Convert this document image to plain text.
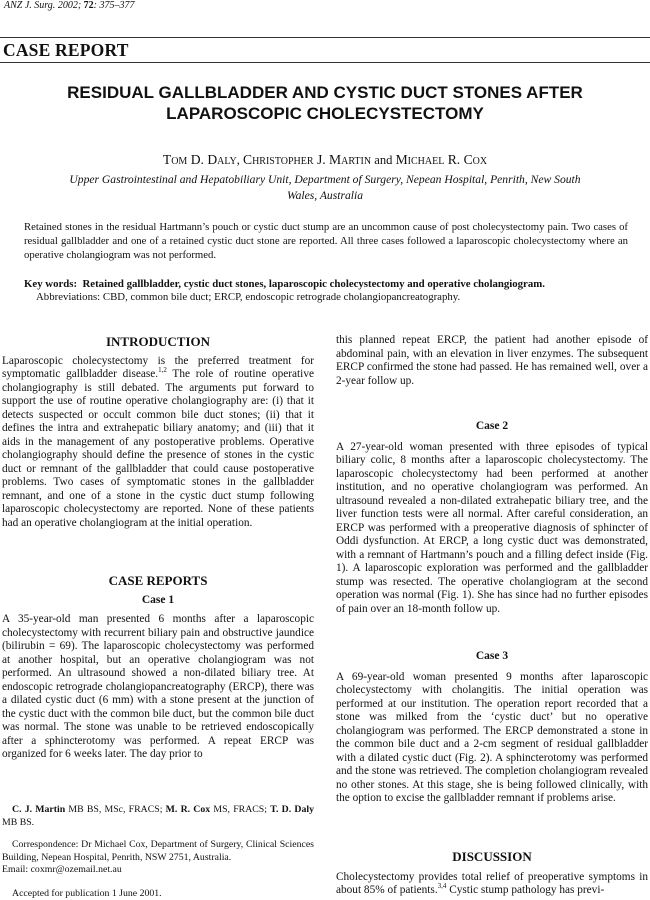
ANZ J. Surg. 2002; 72: 375–377
CASE REPORT
RESIDUAL GALLBLADDER AND CYSTIC DUCT STONES AFTER LAPAROSCOPIC CHOLECYSTECTOMY
Tom D. Daly, Christopher J. Martin and Michael R. Cox
Upper Gastrointestinal and Hepatobiliary Unit, Department of Surgery, Nepean Hospital, Penrith, New South Wales, Australia
Retained stones in the residual Hartmann’s pouch or cystic duct stump are an uncommon cause of post cholecystectomy pain. Two cases of residual gallbladder and one of a retained cystic duct stone are reported. All three cases followed a laparoscopic cholecystectomy where an operative cholangiogram was not performed.
Key words: Retained gallbladder, cystic duct stones, laparoscopic cholecystectomy and operative cholangiogram.
Abbreviations: CBD, common bile duct; ERCP, endoscopic retrograde cholangiopancreatography.
INTRODUCTION

Laparoscopic cholecystectomy is the preferred treatment for symptomatic gallbladder disease.$^{1,2}$ The role of routine operative cholangiography is still debated. The arguments put forward to support the use of routine operative cholangiography are: (i) that it detects suspected or occult common bile duct stones; (ii) that it defines the intra and extrahepatic biliary anatomy; and (iii) that it aids in the management of any postoperative problems. Operative cholangiography should define the presence of stones in the cystic duct or remnant of the gallbladder that could cause postoperative problems. Two cases of symptomatic stones in the gallbladder remnant, and one of a stone in the cystic duct stump following laparoscopic cholecystectomy are reported. None of these patients had an operative cholangiogram at the initial operation.

CASE REPORTS
Case 1

A 35-year-old man presented 6 months after a laparoscopic cholecystectomy with recurrent biliary pain and obstructive jaundice (bilirubin = 69). The laparoscopic cholecystectomy was performed at another hospital, but an operative cholangiogram was not performed. An ultrasound showed a non-dilated biliary tree. At endoscopic retrograde cholangiopancreatography (ERCP), there was a dilated cystic duct (6 mm) with a stone present at the junction of the cystic duct with the common bile duct, but the common bile duct was normal. The stone was unable to be retrieved endoscopically after a sphincterotomy was performed. A repeat ERCP was organized for 6 weeks later. The day prior to

C. J. Martin MB BS, MSc, FRACS; M. R. Cox MS, FRACS; T. D. Daly MB BS.
Correspondence: Dr Michael Cox, Department of Surgery, Clinical Sciences Building, Nepean Hospital, Penrith, NSW 2751, Australia.
Email: coxmr@ozemail.net.au
Accepted for publication 1 June 2001.

this planned repeat ERCP, the patient had another episode of abdominal pain, with an elevation in liver enzymes. The subsequent ERCP confirmed the stone had passed. He has remained well, over a 2-year follow up.

Case 2

A 27-year-old woman presented with three episodes of typical biliary colic, 8 months after a laparoscopic cholecystectomy. The laparoscopic cholecystectomy had been performed at another institution, and no operative cholangiogram was performed. An ultrasound revealed a non-dilated extrahepatic biliary tree, and the liver function tests were all normal. After careful consideration, an ERCP was performed with a preoperative diagnosis of sphincter of Oddi dysfunction. At ERCP, a long cystic duct was demonstrated, with a remnant of Hartmann’s pouch and a filling defect inside (Fig. 1). A laparoscopic exploration was performed and the gallbladder stump was resected. The operative cholangiogram at the second operation was normal (Fig. 1). She has since had no further episodes of pain over an 18-month follow up.

Case 3

A 69-year-old woman presented 9 months after laparoscopic cholecystectomy with cholangitis. The initial operation was performed at our institution. The operation report recorded that a stone was milked from the ‘cystic duct’ but no operative cholangiogram was performed. The ERCP demonstrated a stone in the common bile duct and a 2-cm segment of residual gallbladder with a dilated cystic duct (Fig. 2). A sphincterotomy was performed and the stone was retrieved. The completion cholangiogram revealed no other stones. At this stage, she is being followed clinically, with the option to excise the gallbladder remnant if problems arise.

DISCUSSION

Cholecystectomy provides total relief of preoperative symptoms in about 85% of patients.$^{3,4}$ Cystic stump pathology has previ-
